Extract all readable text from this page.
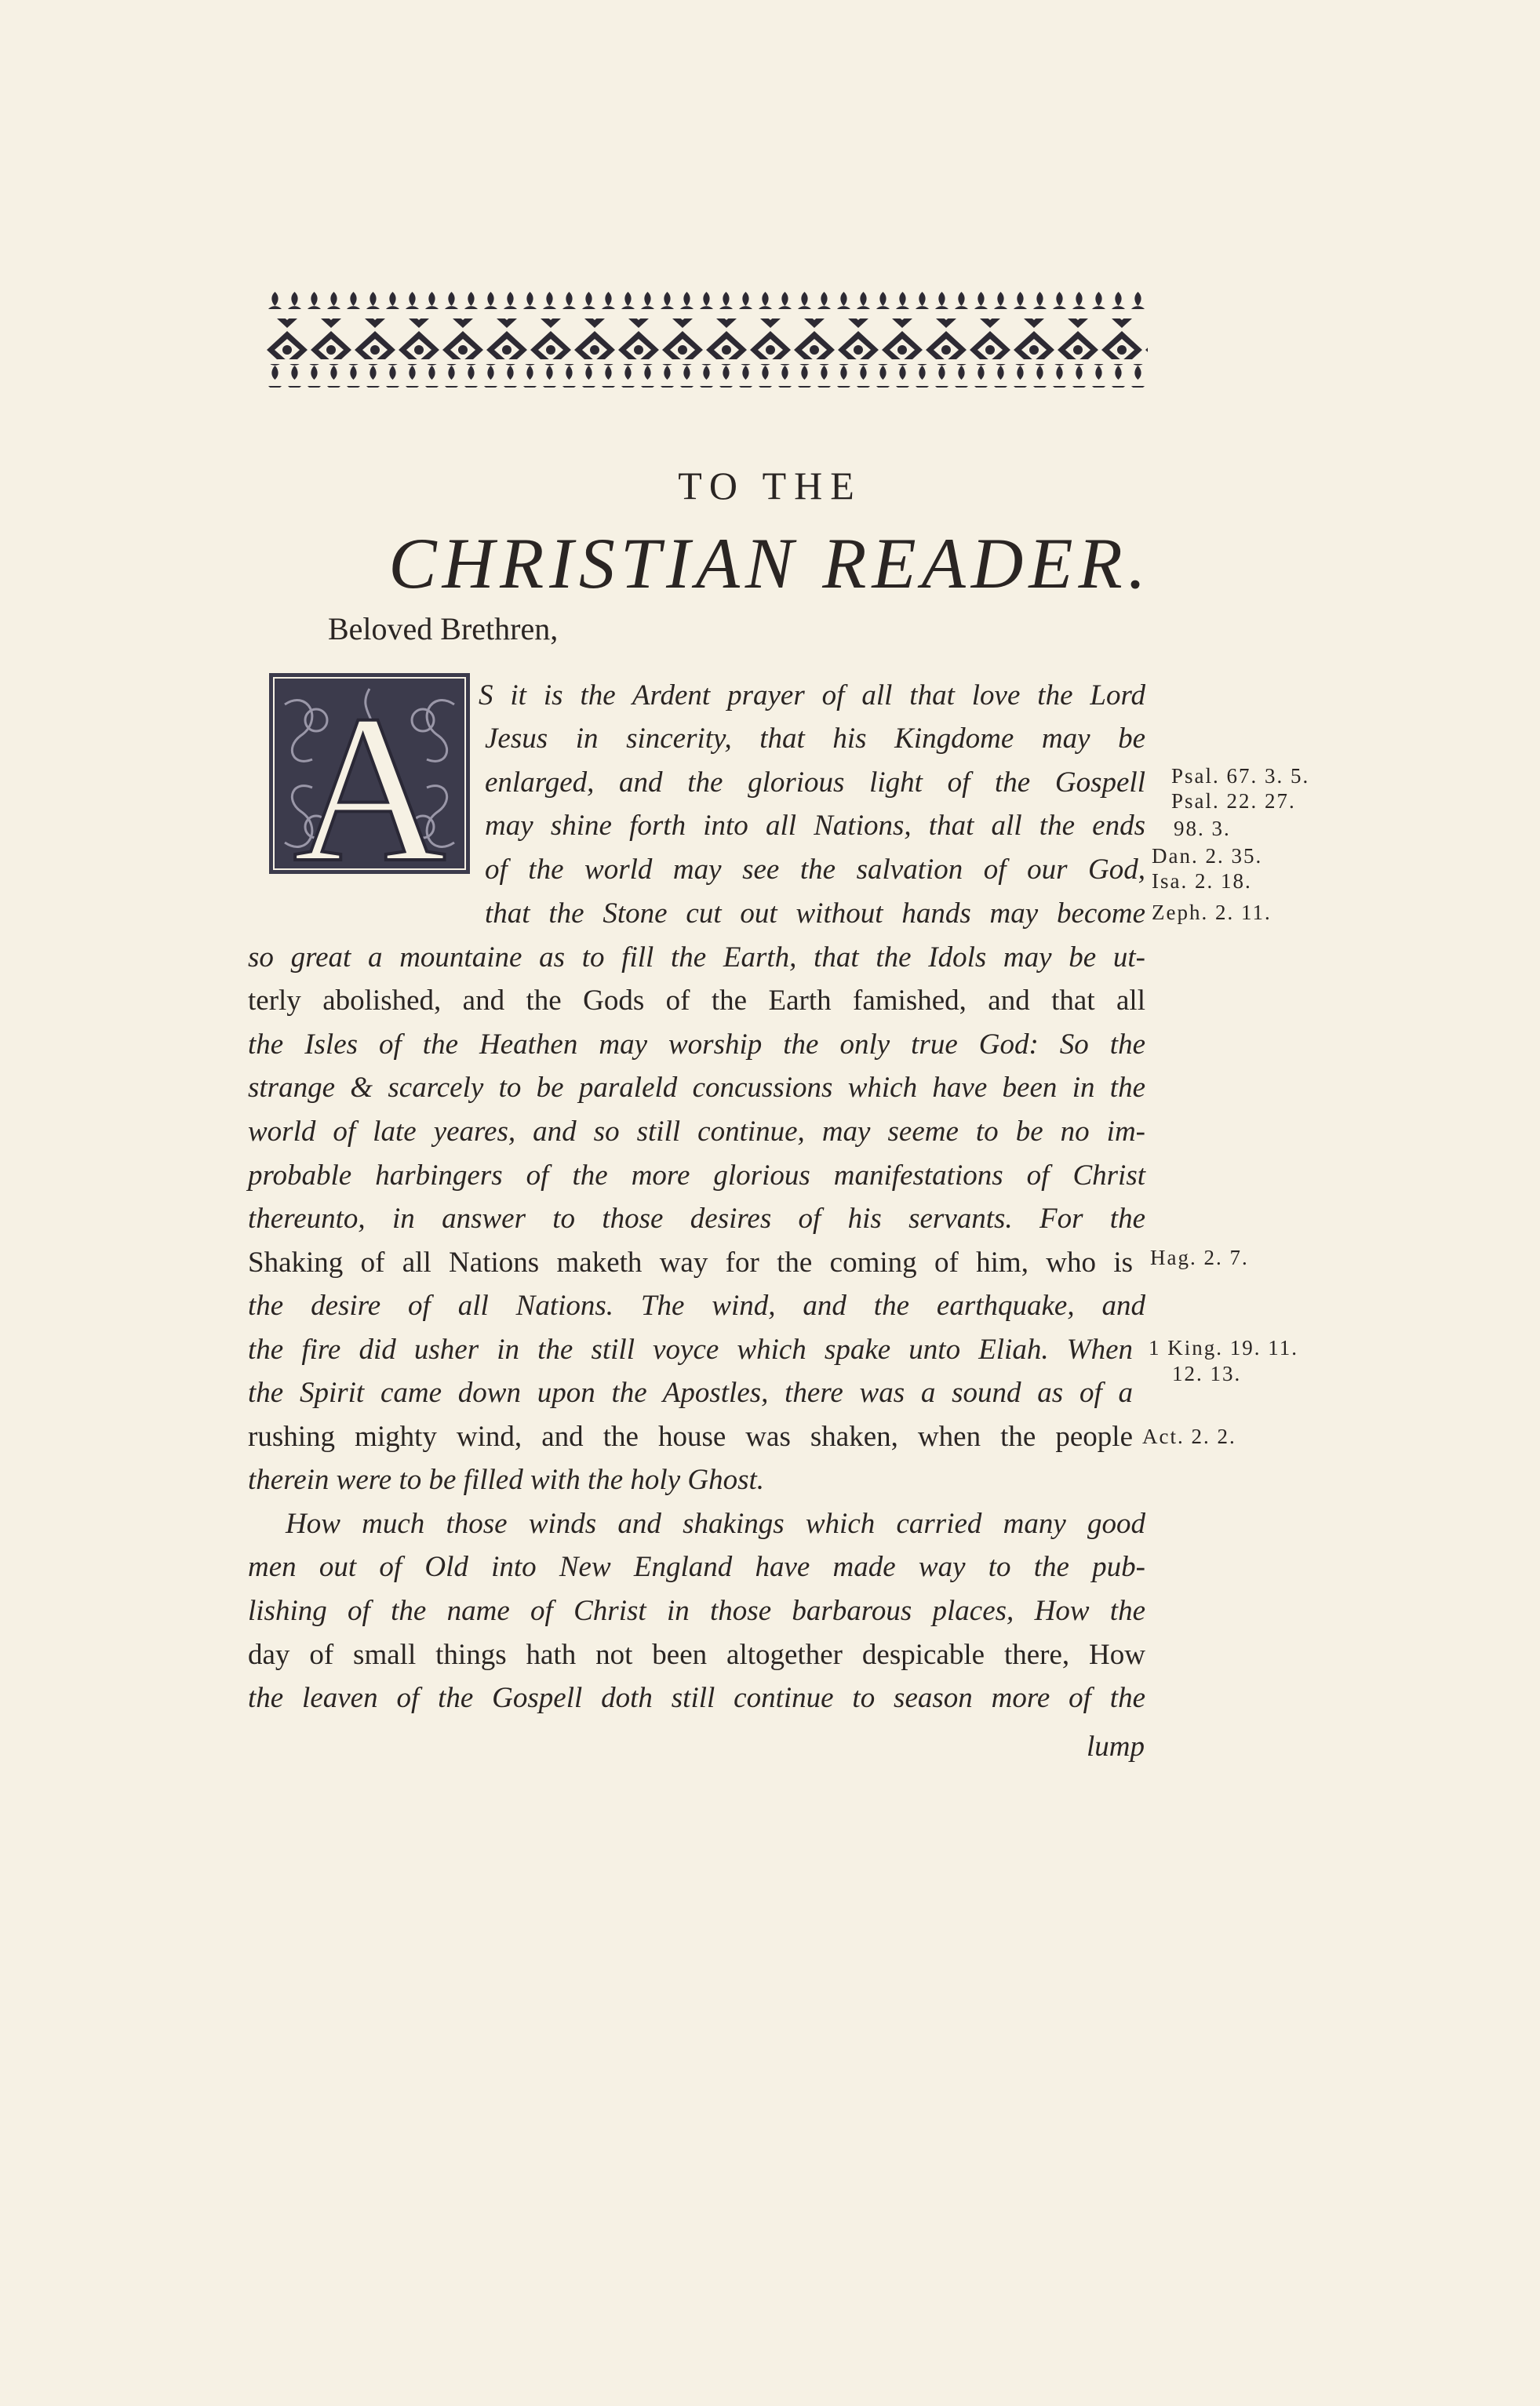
TO THE
CHRISTIAN READER.
Beloved Brethren,
A S it is the Ardent prayer of all that love the Lord
Jesus in sincerity, that his Kingdome may be
enlarged, and the glorious light of the Gospell
may shine forth into all Nations, that all the ends
of the world may see the salvation of our God,
that the Stone cut out without hands may become
so great a mountaine as to fill the Earth, that the Idols may be ut-
terly abolished, and the Gods of the Earth famished, and that all
the Isles of the Heathen may worship the only true God: So the
strange & scarcely to be paraleld concussions which have been in the
world of late yeares, and so still continue, may seeme to be no im-
probable harbingers of the more glorious manifestations of Christ
thereunto, in answer to those desires of his servants. For the
Shaking of all Nations maketh way for the coming of him, who is
the desire of all Nations. The wind, and the earthquake, and
the fire did usher in the still voyce which spake unto Eliah. When
the Spirit came down upon the Apostles, there was a sound as of a
rushing mighty wind, and the house was shaken, when the people
therein were to be filled with the holy Ghost.
How much those winds and shakings which carried many good
men out of Old into New England have made way to the pub-
lishing of the name of Christ in those barbarous places, How the
day of small things hath not been altogether despicable there, How
the leaven of the Gospell doth still continue to season more of the
lump
Psal. 67. 3. 5.
Psal. 22. 27.
98. 3.
Dan. 2. 35.
Isa. 2. 18.
Zeph. 2. 11.
Hag. 2. 7.
1 King. 19. 11.
12. 13.
Act. 2. 2.
